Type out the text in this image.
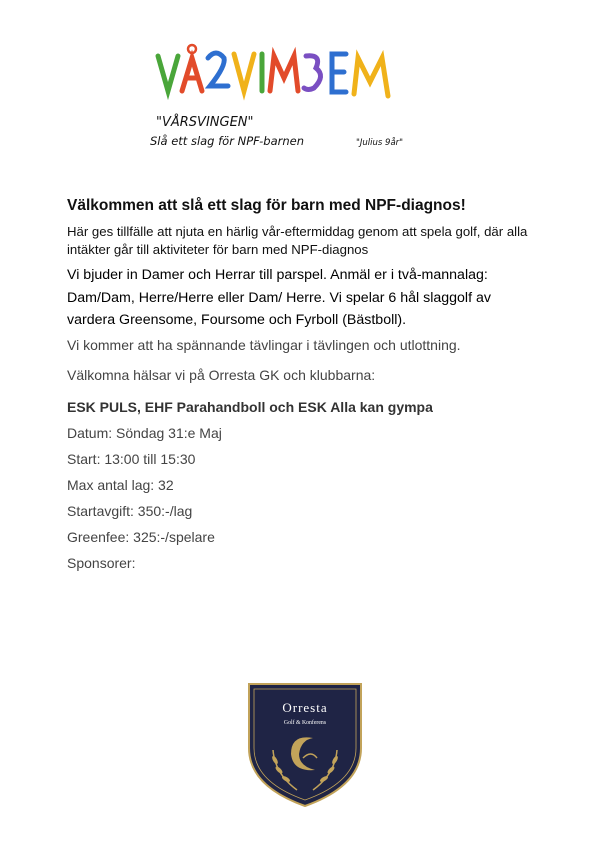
"VÅRSVINGEN"
Slå ett slag för NPF-barnen	"Julius 9år"
Välkommen att slå ett slag för barn med NPF-diagnos!

Här ges tillfälle att njuta en härlig vår-eftermiddag genom att spela golf, där alla intäkter går till aktiviteter för barn med NPF-diagnos

Vi bjuder in Damer och Herrar till parspel. Anmäl er i två-mannalag: Dam/Dam, Herre/Herre eller Dam/ Herre. Vi spelar 6 hål slaggolf av vardera Greensome, Foursome och Fyrboll (Bästboll).

Vi kommer att ha spännande tävlingar i tävlingen och utlottning.

Välkomna hälsar vi på Orresta GK och klubbarna:

ESK PULS, EHF Parahandboll och ESK Alla kan gympa

Datum: Söndag 31:e Maj

Start: 13:00 till 15:30

Max antal lag: 32

Startavgift: 350:-/lag

Greenfee: 325:-/spelare

Sponsorer:

Orresta
Golf & Konferens
